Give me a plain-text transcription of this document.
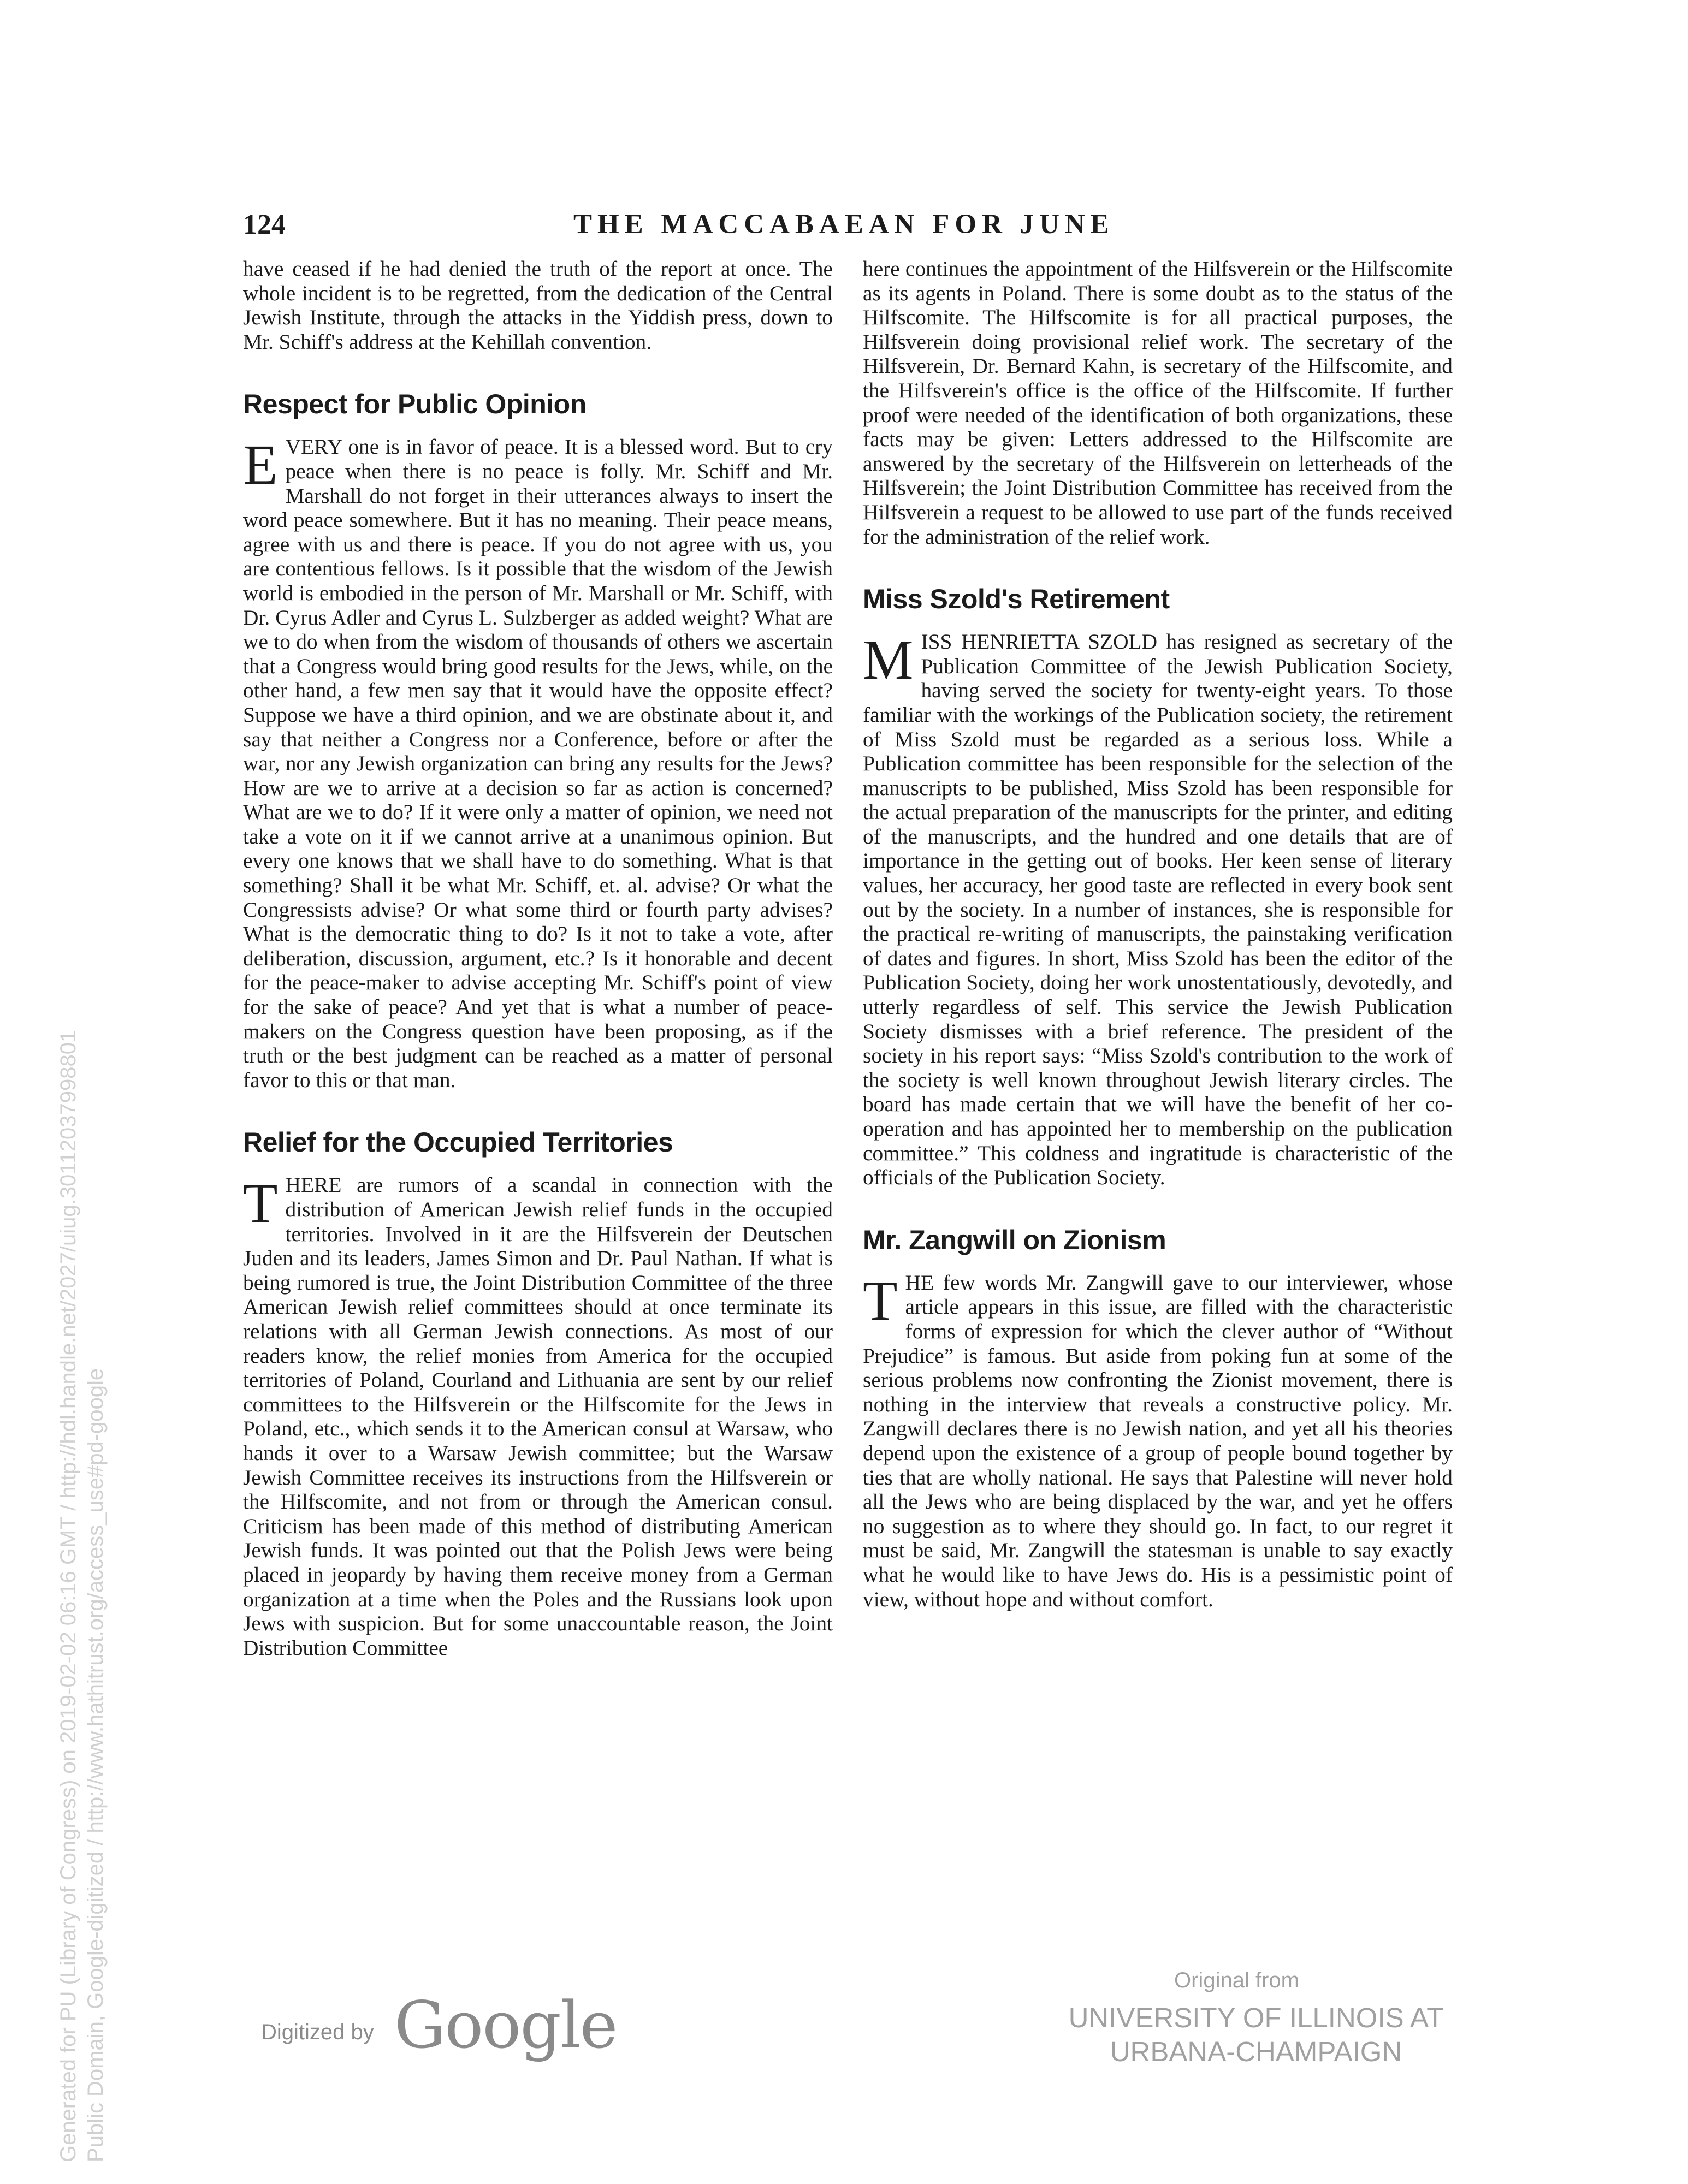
124	THE MACCABAEAN FOR JUNE

have ceased if he had denied the truth of the report at once. The whole incident is to be regretted, from the dedication of the Central Jewish Institute, through the attacks in the Yiddish press, down to Mr. Schiff's address at the Kehillah convention.

Respect for Public Opinion

E VERY one is in favor of peace. It is a blessed word. But to cry peace when there is no peace is folly. Mr. Schiff and Mr. Marshall do not forget in their utterances always to insert the word peace somewhere. But it has no meaning. Their peace means, agree with us and there is peace. If you do not agree with us, you are contentious fellows. Is it possible that the wisdom of the Jewish world is embodied in the person of Mr. Marshall or Mr. Schiff, with Dr. Cyrus Adler and Cyrus L. Sulzberger as added weight? What are we to do when from the wisdom of thousands of others we ascertain that a Congress would bring good results for the Jews, while, on the other hand, a few men say that it would have the opposite effect? Suppose we have a third opinion, and we are obstinate about it, and say that neither a Congress nor a Conference, before or after the war, nor any Jewish organization can bring any results for the Jews? How are we to arrive at a decision so far as action is concerned? What are we to do? If it were only a matter of opinion, we need not take a vote on it if we cannot arrive at a unanimous opinion. But every one knows that we shall have to do something. What is that something? Shall it be what Mr. Schiff, et. al. advise? Or what the Congressists advise? Or what some third or fourth party advises? What is the democratic thing to do? Is it not to take a vote, after deliberation, discussion, argument, etc.? Is it honorable and decent for the peace-maker to advise accepting Mr. Schiff's point of view for the sake of peace? And yet that is what a number of peace-makers on the Congress question have been proposing, as if the truth or the best judgment can be reached as a matter of personal favor to this or that man.

Relief for the Occupied Territories

T HERE are rumors of a scandal in connection with the distribution of American Jewish relief funds in the occupied territories. Involved in it are the Hilfsverein der Deutschen Juden and its leaders, James Simon and Dr. Paul Nathan. If what is being rumored is true, the Joint Distribution Committee of the three American Jewish relief committees should at once terminate its relations with all German Jewish connections. As most of our readers know, the relief monies from America for the occupied territories of Poland, Courland and Lithuania are sent by our relief committees to the Hilfsverein or the Hilfscomite for the Jews in Poland, etc., which sends it to the American consul at Warsaw, who hands it over to a Warsaw Jewish committee; but the Warsaw Jewish Committee receives its instructions from the Hilfsverein or the Hilfscomite, and not from or through the American consul. Criticism has been made of this method of distributing American Jewish funds. It was pointed out that the Polish Jews were being placed in jeopardy by having them receive money from a German organization at a time when the Poles and the Russians look upon Jews with suspicion. But for some unaccountable reason, the Joint Distribution Committee

here continues the appointment of the Hilfsverein or the Hilfscomite as its agents in Poland. There is some doubt as to the status of the Hilfscomite. The Hilfscomite is for all practical purposes, the Hilfsverein doing provisional relief work. The secretary of the Hilfsverein, Dr. Bernard Kahn, is secretary of the Hilfscomite, and the Hilfsverein's office is the office of the Hilfscomite. If further proof were needed of the identification of both organizations, these facts may be given: Letters addressed to the Hilfscomite are answered by the secretary of the Hilfsverein on letterheads of the Hilfsverein; the Joint Distribution Committee has received from the Hilfsverein a request to be allowed to use part of the funds received for the administration of the relief work.

Miss Szold's Retirement

M ISS HENRIETTA SZOLD has resigned as secretary of the Publication Committee of the Jewish Publication Society, having served the society for twenty-eight years. To those familiar with the workings of the Publication society, the retirement of Miss Szold must be regarded as a serious loss. While a Publication committee has been responsible for the selection of the manuscripts to be published, Miss Szold has been responsible for the actual preparation of the manuscripts for the printer, and editing of the manuscripts, and the hundred and one details that are of importance in the getting out of books. Her keen sense of literary values, her accuracy, her good taste are reflected in every book sent out by the society. In a number of instances, she is responsible for the practical re-writing of manuscripts, the painstaking verification of dates and figures. In short, Miss Szold has been the editor of the Publication Society, doing her work unostentatiously, devotedly, and utterly regardless of self. This service the Jewish Publication Society dismisses with a brief reference. The president of the society in his report says: “Miss Szold's contribution to the work of the society is well known throughout Jewish literary circles. The board has made certain that we will have the benefit of her co-operation and has appointed her to membership on the publication committee.” This coldness and ingratitude is characteristic of the officials of the Publication Society.

Mr. Zangwill on Zionism

T HE few words Mr. Zangwill gave to our interviewer, whose article appears in this issue, are filled with the characteristic forms of expression for which the clever author of “Without Prejudice” is famous. But aside from poking fun at some of the serious problems now confronting the Zionist movement, there is nothing in the interview that reveals a constructive policy. Mr. Zangwill declares there is no Jewish nation, and yet all his theories depend upon the existence of a group of people bound together by ties that are wholly national. He says that Palestine will never hold all the Jews who are being displaced by the war, and yet he offers no suggestion as to where they should go. In fact, to our regret it must be said, Mr. Zangwill the statesman is unable to say exactly what he would like to have Jews do. His is a pessimistic point of view, without hope and without comfort.

Digitized by Google
Original from
UNIVERSITY OF ILLINOIS AT
URBANA-CHAMPAIGN
Generated for PU (Library of Congress) on 2019-02-02 06:16 GMT / http://hdl.handle.net/2027/uiug.30112037998801 Public Domain, Google-digitized / http://www.hathitrust.org/access_use#pd-google
